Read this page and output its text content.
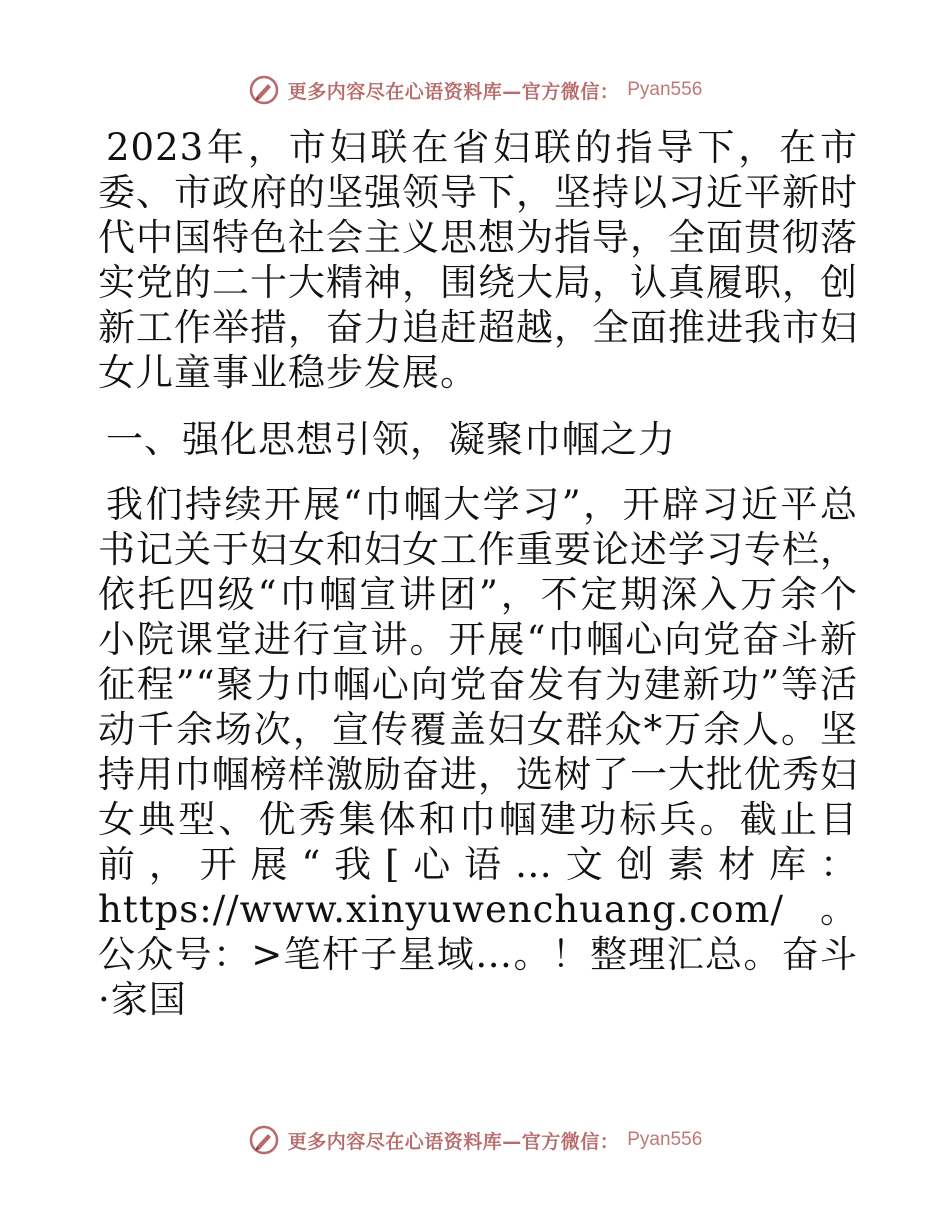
更多内容尽在心语资料库—官方微信： Pyan556

2023年，市妇联在省妇联的指导下，在市委、市政府的坚强领导下，坚持以习近平新时代中国特色社会主义思想为指导，全面贯彻落实党的二十大精神，围绕大局，认真履职，创新工作举措，奋力追赶超越，全面推进我市妇女儿童事业稳步发展。

一、强化思想引领，凝聚巾帼之力

我们持续开展“巾帼大学习”，开辟习近平总书记关于妇女和妇女工作重要论述学习专栏，依托四级“巾帼宣讲团”，不定期深入万余个小院课堂进行宣讲。开展“巾帼心向党奋斗新征程”“聚力巾帼心向党奋发有为建新功”等活动千余场次，宣传覆盖妇女群众*万余人。坚持用巾帼榜样激励奋进，选树了一大批优秀妇女典型、优秀集体和巾帼建功标兵。截止目前，开展“我[心语…文创素材库：https://www.xinyuwenchuang.com/。公众号：>笔杆子星域…。！整理汇总。奋斗·家国

更多内容尽在心语资料库—官方微信： Pyan556
